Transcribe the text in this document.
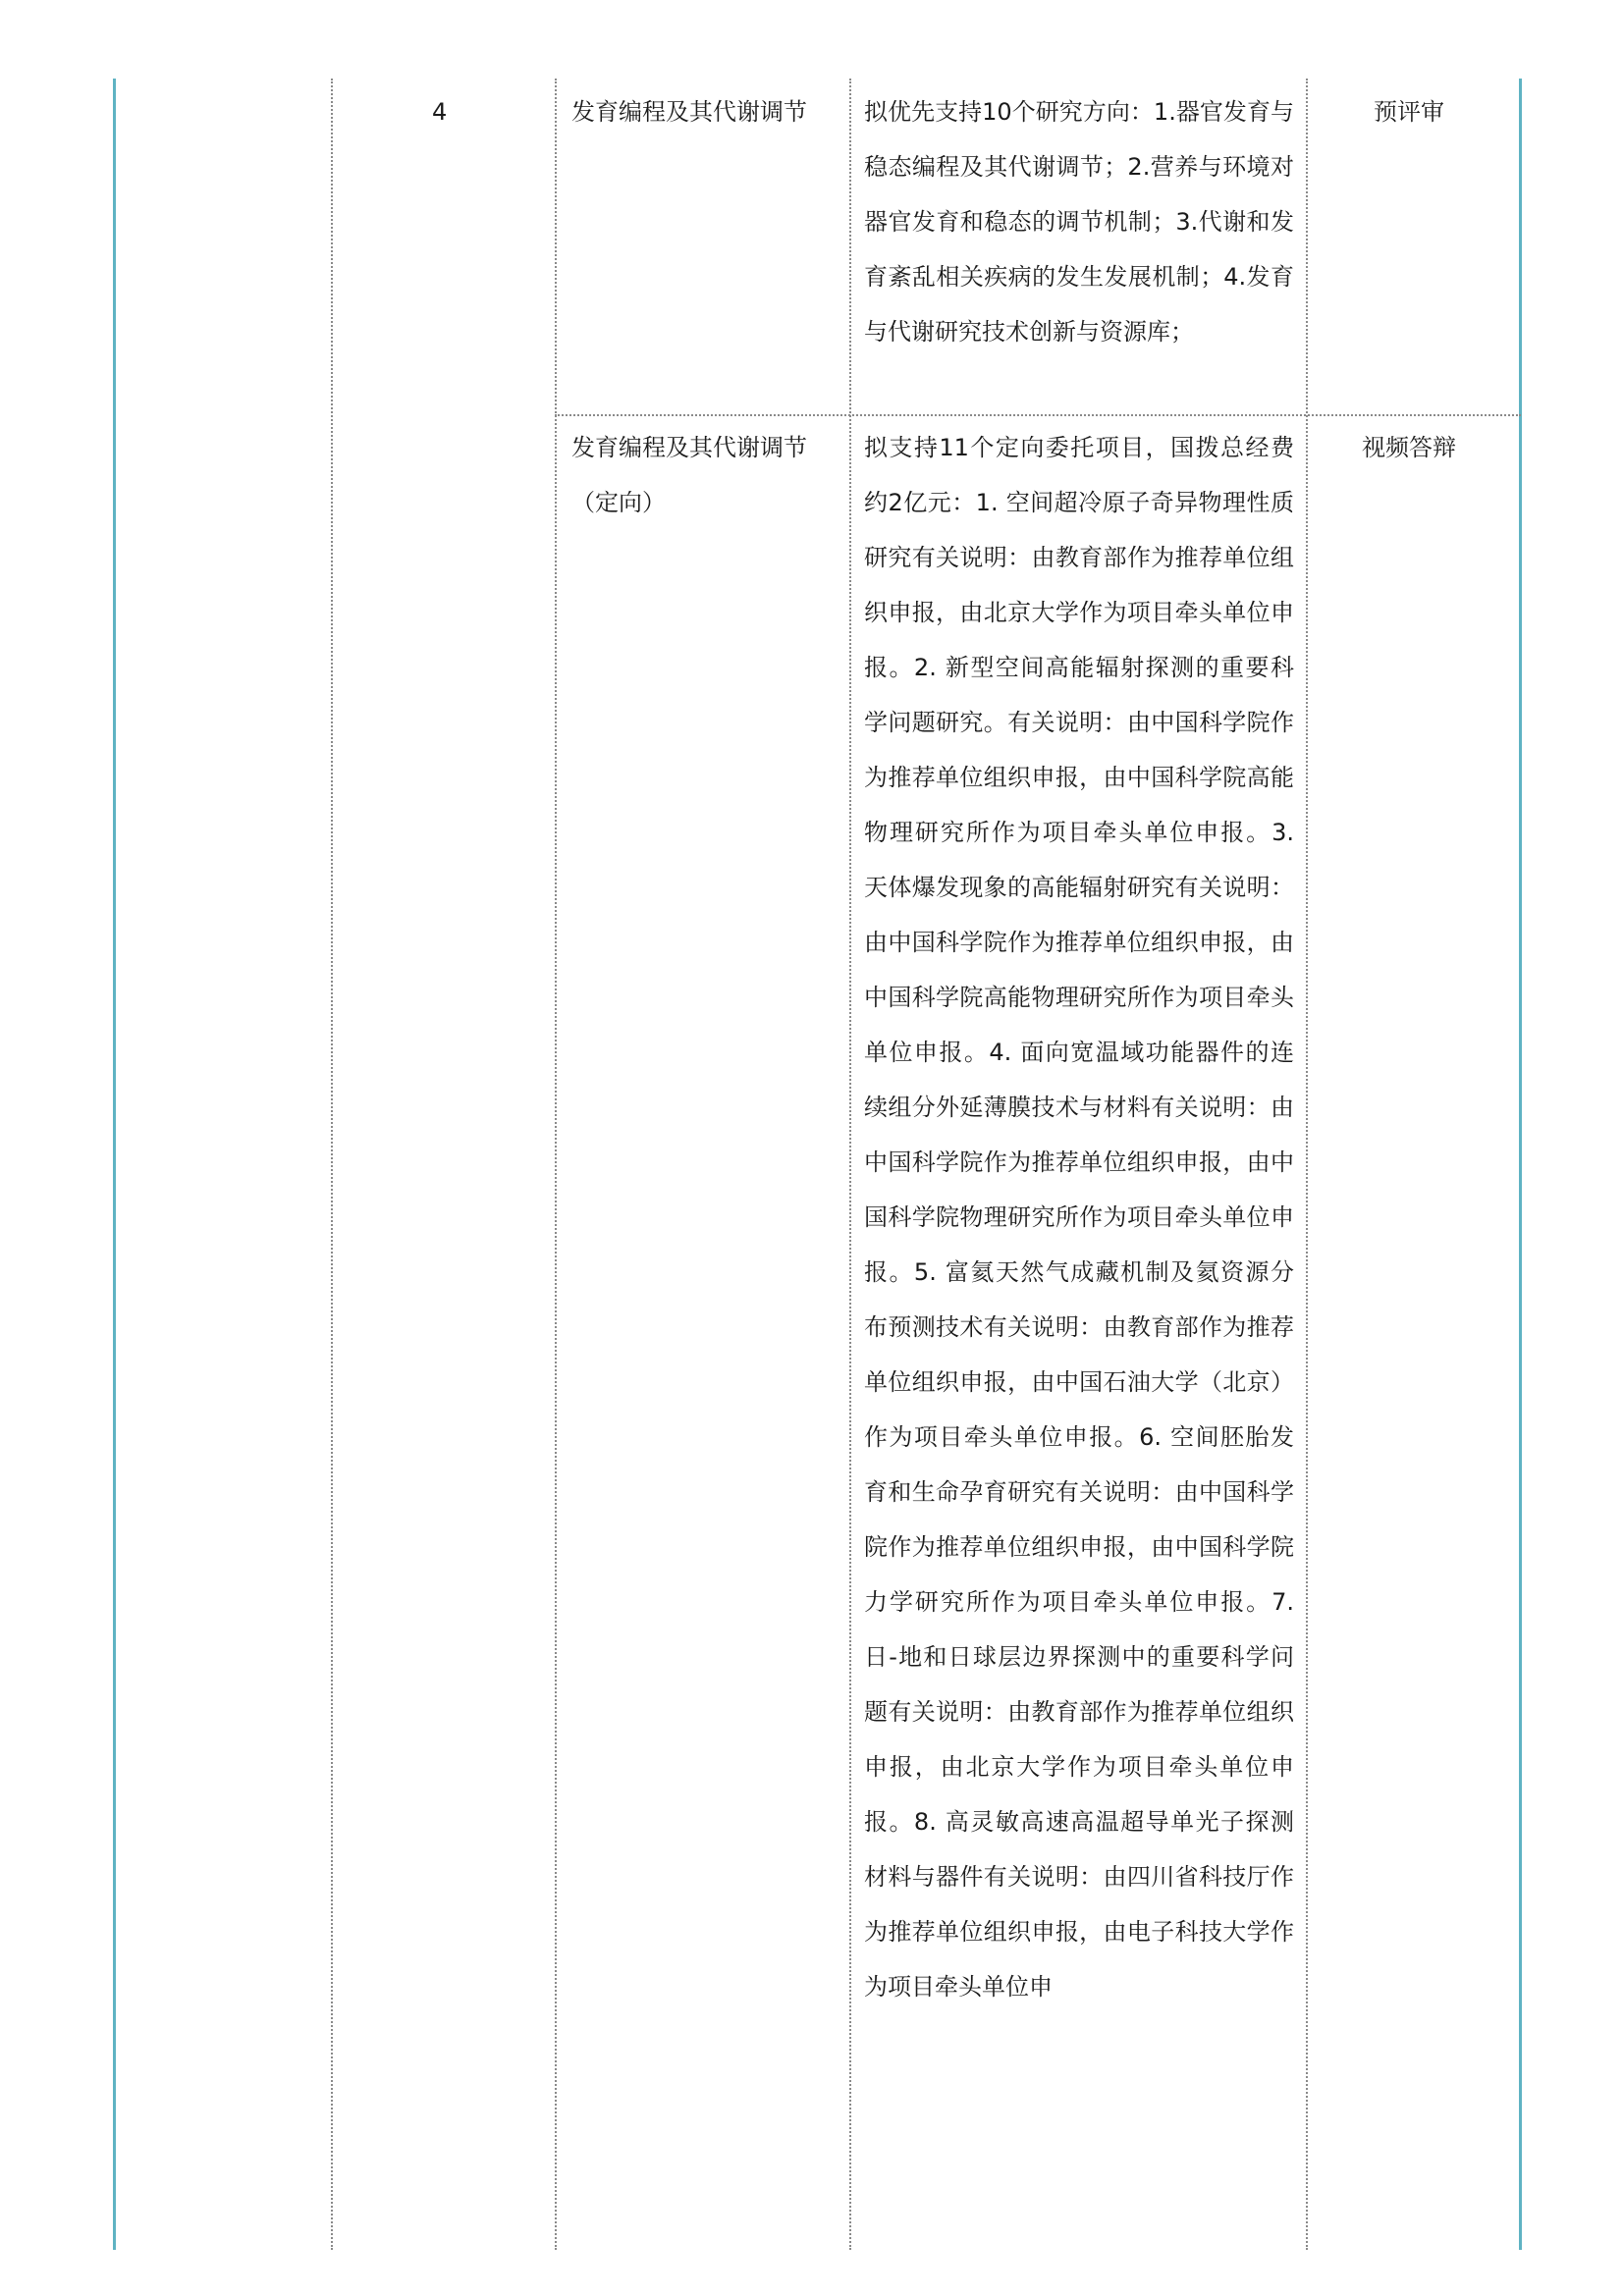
4	发育编程及其代谢调节	拟优先支持10个研究方向：1.器官发育与稳态编程及其代谢调节；2.营养与环境对器官发育和稳态的调节机制；3.代谢和发育紊乱相关疾病的发生发展机制；4.发育与代谢研究技术创新与资源库；
预评审
发育编程及其代谢调节（定向）
拟支持11个定向委托项目，国拨总经费约2亿元：1. 空间超冷原子奇异物理性质研究有关说明：由教育部作为推荐单位组织申报，由北京大学作为项目牵头单位申报。2. 新型空间高能辐射探测的重要科学问题研究。有关说明：由中国科学院作为推荐单位组织申报，由中国科学院高能物理研究所作为项目牵头单位申报。3. 天体爆发现象的高能辐射研究有关说明：由中国科学院作为推荐单位组织申报，由中国科学院高能物理研究所作为项目牵头单位申报。4. 面向宽温域功能器件的连续组分外延薄膜技术与材料有关说明：由中国科学院作为推荐单位组织申报，由中国科学院物理研究所作为项目牵头单位申报。5. 富氦天然气成藏机制及氦资源分布预测技术有关说明：由教育部作为推荐单位组织申报，由中国石油大学（北京）作为项目牵头单位申报。6. 空间胚胎发育和生命孕育研究有关说明：由中国科学院作为推荐单位组织申报，由中国科学院力学研究所作为项目牵头单位申报。7. 日-地和日球层边界探测中的重要科学问题有关说明：由教育部作为推荐单位组织申报，由北京大学作为项目牵头单位申报。8. 高灵敏高速高温超导单光子探测材料与器件有关说明：由四川省科技厅作为推荐单位组织申报，由电子科技大学作为项目牵头单位申
视频答辩
